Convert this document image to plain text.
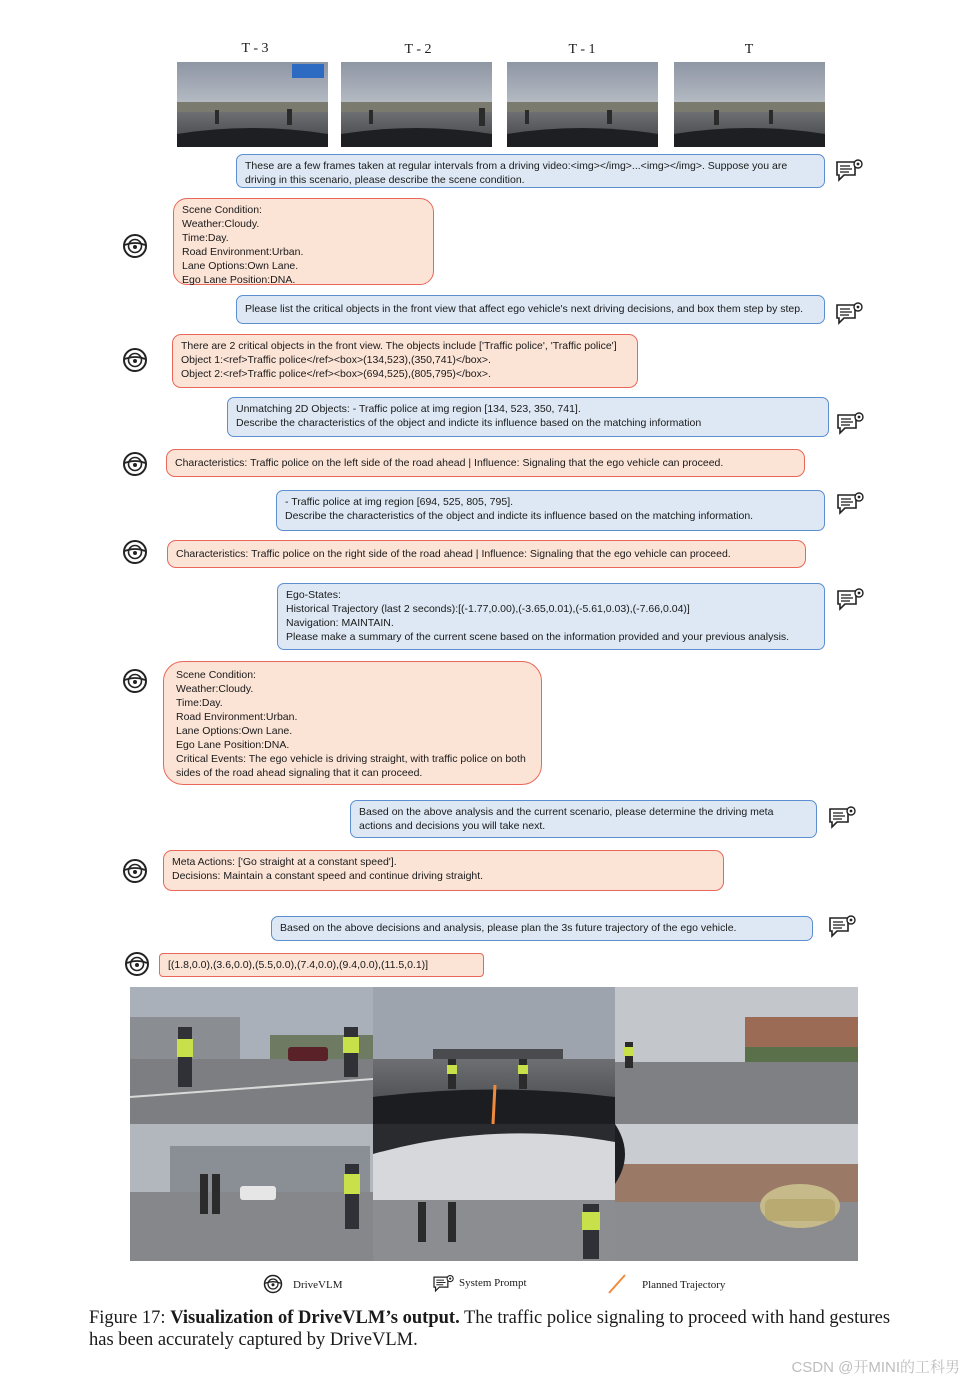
T - 3	T - 2	T - 1	T
These are a few frames taken at regular intervals from a driving video:<img></img>...<img></img>. Suppose you are driving in this scenario, please describe the scene condition.
Scene Condition:
Weather:Cloudy.
Time:Day.
Road Environment:Urban.
Lane Options:Own Lane.
Ego Lane Position:DNA.
Please list the critical objects in the front view that affect ego vehicle's next driving decisions, and box them step by step.
There are 2 critical objects in the front view. The objects include ['Traffic police', 'Traffic police']
Object 1:<ref>Traffic police</ref><box>(134,523),(350,741)</box>.
Object 2:<ref>Traffic police</ref><box>(694,525),(805,795)</box>.
Unmatching 2D Objects: - Traffic police at img region [134, 523, 350, 741].
Describe the characteristics of the object and indicte its influence based on the matching information
Characteristics: Traffic police on the left side of the road ahead | Influence: Signaling that the ego vehicle can proceed.
- Traffic police at img region [694, 525, 805, 795].
Describe the characteristics of the object and indicte its influence based on the matching information.
Characteristics: Traffic police on the right side of the road ahead | Influence: Signaling that the ego vehicle can proceed.
Ego-States:
Historical Trajectory (last 2 seconds):[(-1.77,0.00),(-3.65,0.01),(-5.61,0.03),(-7.66,0.04)]
Navigation: MAINTAIN.
Please make a summary of the current scene based on the information provided and your previous analysis.
Scene Condition:
Weather:Cloudy.
Time:Day.
Road Environment:Urban.
Lane Options:Own Lane.
Ego Lane Position:DNA.
Critical Events: The ego vehicle is driving straight, with traffic police on both sides of the road ahead signaling that it can proceed.
Based on the above analysis and the current scenario, please determine the driving meta actions and decisions you will take next.
Meta Actions: ['Go straight at a constant speed'].
Decisions: Maintain a constant speed and continue driving straight.
Based on the above decisions and analysis, please plan the 3s future trajectory of the ego vehicle.
[(1.8,0.0),(3.6,0.0),(5.5,0.0),(7.4,0.0),(9.4,0.0),(11.5,0.1)]
DriveVLM	System Prompt	Planned Trajectory
Figure 17: Visualization of DriveVLM’s output. The traffic police signaling to proceed with hand gestures has been accurately captured by DriveVLM.
CSDN @开MINI的工科男
